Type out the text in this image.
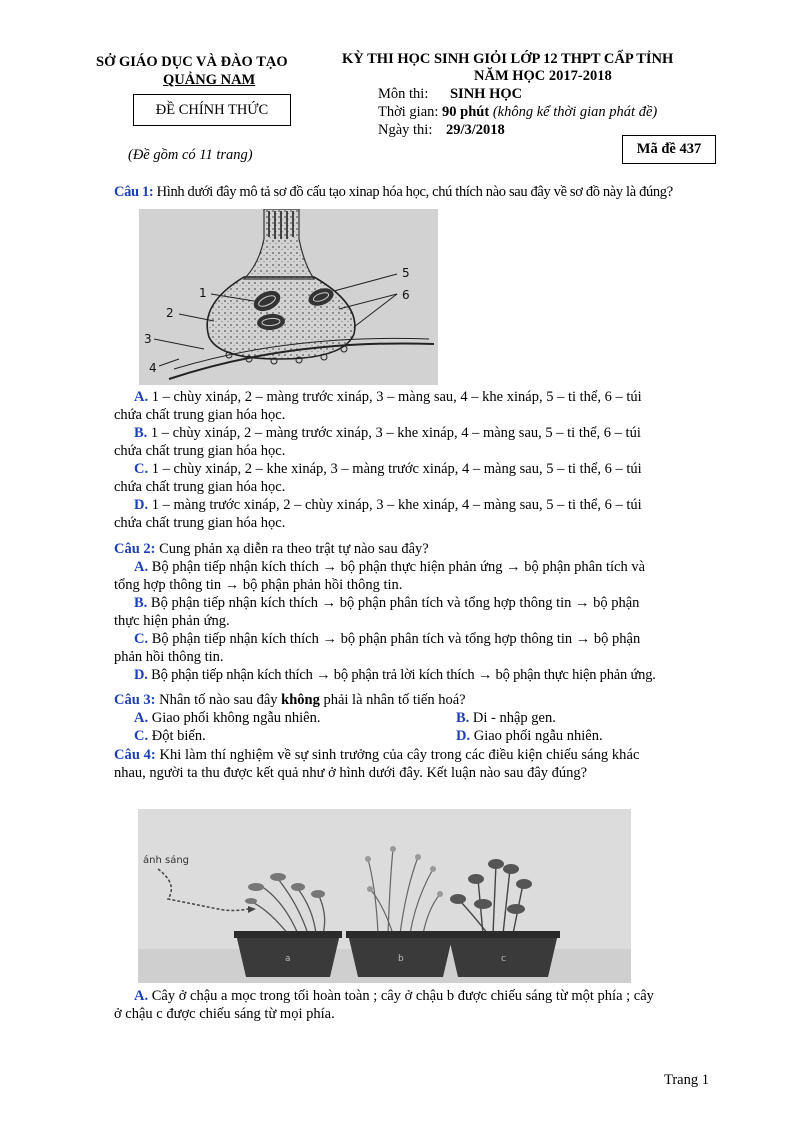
SỞ GIÁO DỤC VÀ ĐÀO TẠO
QUẢNG NAM
ĐỀ CHÍNH THỨC
(Đề gồm có 11 trang)
KỲ THI HỌC SINH GIỎI LỚP 12 THPT CẤP TỈNH
NĂM HỌC 2017-2018
Môn thi: SINH HỌC
Thời gian: 90 phút (không kể thời gian phát đề)
Ngày thi: 29/3/2018
Mã đề 437
Câu 1: Hình dưới đây mô tả sơ đồ cấu tạo xinap hóa học, chú thích nào sau đây về sơ đồ này là đúng?
1
2
3
4
5
6
A. 1 – chùy xináp, 2 – màng trước xináp, 3 – màng sau, 4 – khe xináp, 5 – ti thể, 6 – túi
chứa chất trung gian hóa học.
B. 1 – chùy xináp, 2 – màng trước xináp, 3 – khe xináp, 4 – màng sau, 5 – ti thể, 6 – túi
chứa chất trung gian hóa học.
C. 1 – chùy xináp, 2 – khe xináp, 3 – màng trước xináp, 4 – màng sau, 5 – ti thể, 6 – túi
chứa chất trung gian hóa học.
D. 1 – màng trước xináp, 2 – chùy xináp, 3 – khe xináp, 4 – màng sau, 5 – ti thể, 6 – túi
chứa chất trung gian hóa học.
Câu 2: Cung phản xạ diễn ra theo trật tự nào sau đây?
A. Bộ phận tiếp nhận kích thích → bộ phận thực hiện phản ứng → bộ phận phân tích và
tổng hợp thông tin → bộ phận phản hồi thông tin.
B. Bộ phận tiếp nhận kích thích → bộ phận phân tích và tổng hợp thông tin → bộ phận
thực hiện phản ứng.
C. Bộ phận tiếp nhận kích thích → bộ phận phân tích và tổng hợp thông tin → bộ phận
phản hồi thông tin.
D. Bộ phận tiếp nhận kích thích → bộ phận trả lời kích thích → bộ phận thực hiện phản ứng.
Câu 3: Nhân tố nào sau đây không phải là nhân tố tiến hoá?
A. Giao phối không ngẫu nhiên.	B. Di - nhập gen.
C. Đột biến.	D. Giao phối ngẫu nhiên.
Câu 4: Khi làm thí nghiệm về sự sinh trưởng của cây trong các điều kiện chiếu sáng khác
nhau, người ta thu được kết quả như ở hình dưới đây. Kết luận nào sau đây đúng?
ánh sáng
a	b	c
A. Cây ở chậu a mọc trong tối hoàn toàn ; cây ở chậu b được chiếu sáng từ một phía ; cây
ở chậu c được chiếu sáng từ mọi phía.
Trang 1
